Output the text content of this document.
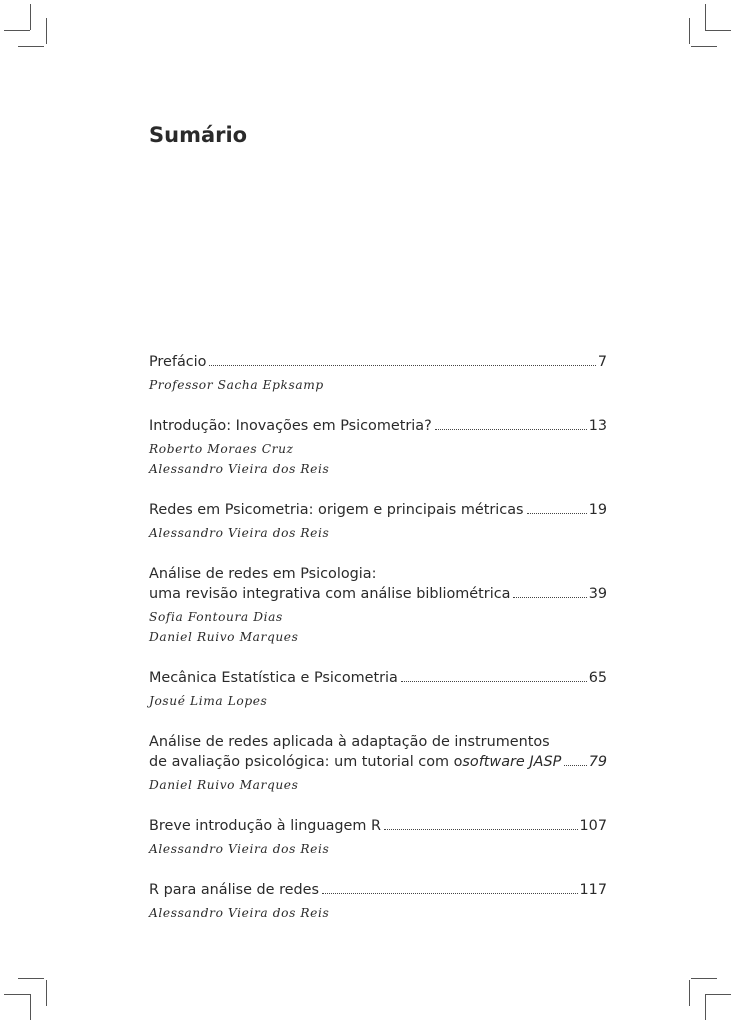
Sumário
Prefácio	7
Professor Sacha Epksamp
Introdução: Inovações em Psicometria?	13
Roberto Moraes Cruz
Alessandro Vieira dos Reis
Redes em Psicometria: origem e principais métricas	19
Alessandro Vieira dos Reis
Análise de redes em Psicologia:
uma revisão integrativa com análise bibliométrica	39
Sofia Fontoura Dias
Daniel Ruivo Marques
Mecânica Estatística e Psicometria	65
Josué Lima Lopes
Análise de redes aplicada à adaptação de instrumentos
de avaliação psicológica: um tutorial com o software JASP 79
Daniel Ruivo Marques
Breve introdução à linguagem R	107
Alessandro Vieira dos Reis
R para análise de redes	117
Alessandro Vieira dos Reis
